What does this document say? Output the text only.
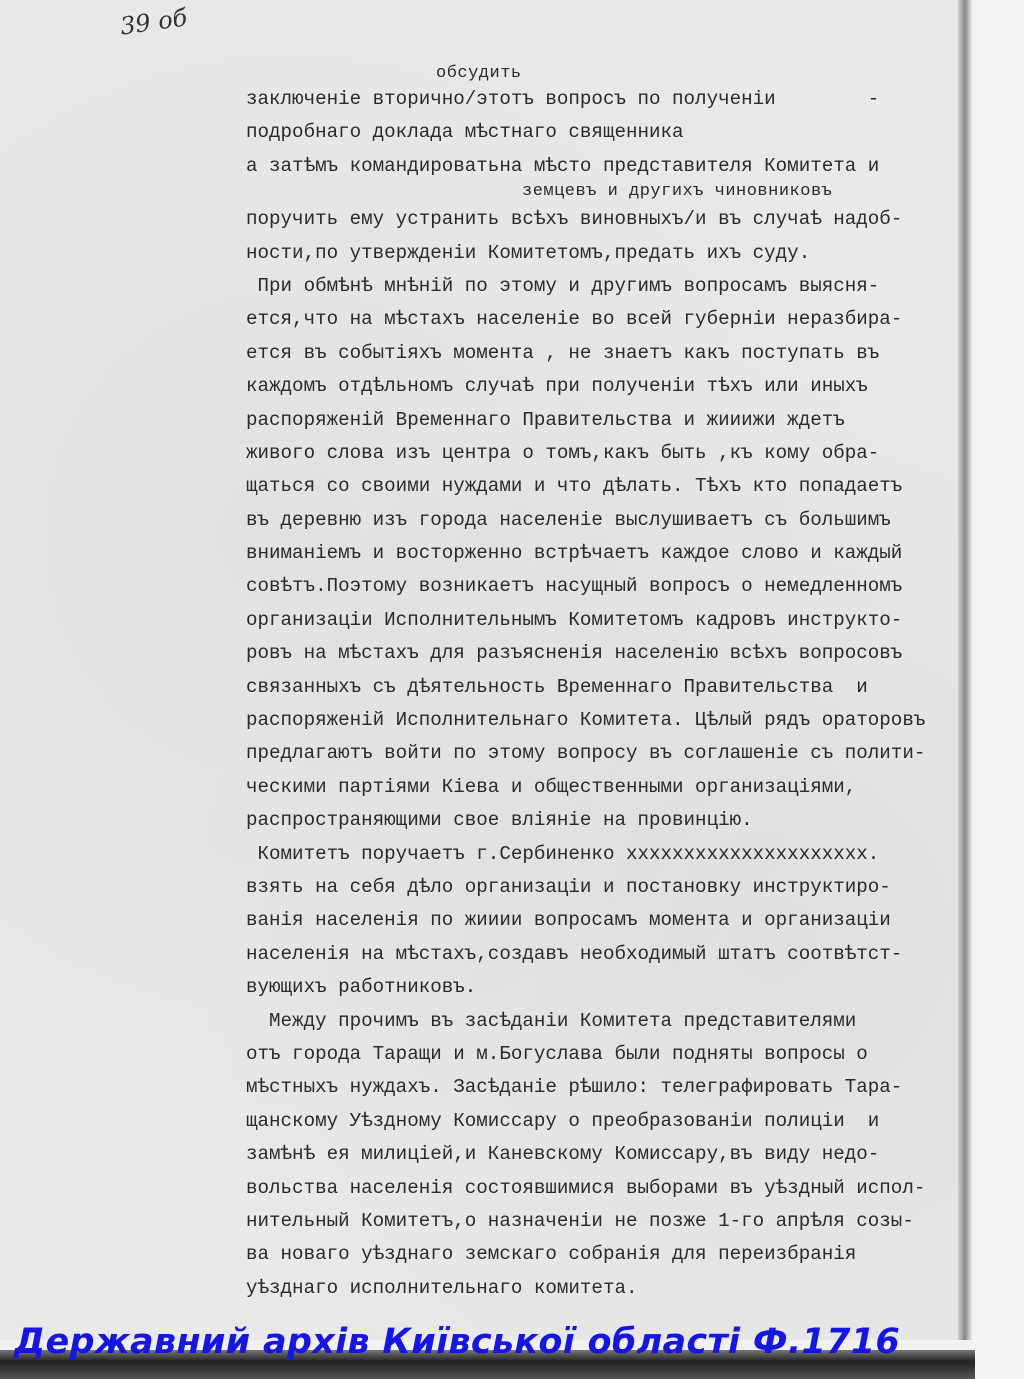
39 об
обсудить
земцевъ и другихъ чиновниковъ
заключеніе вторично/этотъ вопросъ по полученіи        -
подробнаго доклада мѣстнаго священника
а затѣмъ командироватьна мѣсто представителя Комитета и
поручить ему устранить всѣхъ виновныхъ/и въ случаѣ надоб-
ности,по утвержденіи Комитетомъ,предать ихъ суду.
При обмѣнѣ мнѣній по этому и другимъ вопросамъ выясня-
ется,что на мѣстахъ населеніе во всей губерніи неразбира-
ется въ событіяхъ момента , не знаетъ какъ поступать въ
каждомъ отдѣльномъ случаѣ при полученіи тѣхъ или иныхъ
распоряженій Временнаго Правительства и жииижи ждетъ
живого слова изъ центра о томъ,какъ быть ,къ кому обра-
щаться со своими нуждами и что дѣлать. Тѣхъ кто попадаетъ
въ деревню изъ города населеніе выслушиваетъ съ большимъ
вниманіемъ и восторженно встрѣчаетъ каждое слово и каждый
совѣтъ.Поэтому возникаетъ насущный вопросъ о немедленномъ
организаціи Исполнительнымъ Комитетомъ кадровъ инструкто-
ровъ на мѣстахъ для разъясненія населенію всѣхъ вопросовъ
связанныхъ съ дѣятельность Временнаго Правительства  и
распоряженій Исполнительнаго Комитета. Цѣлый рядъ ораторовъ
предлагаютъ войти по этому вопросу въ соглашеніе съ полити-
ческими партіями Кіева и общественными организаціями,
распространяющими свое вліяніе на провинцію.
Комитетъ поручаетъ г.Сербиненко xxxxxxxxxxxxxxxxxxxxx.
взять на себя дѣло организаціи и постановку инструктиро-
ванія населенія по жииии вопросамъ момента и организаціи
населенія на мѣстахъ,создавъ необходимый штатъ соотвѣтст-
вующихъ работниковъ.
Между прочимъ въ засѣданіи Комитета представителями
отъ города Таращи и м.Богуслава были подняты вопросы о
мѣстныхъ нуждахъ. Засѣданіе рѣшило: телеграфировать Тара-
щанскому Уѣздному Комиссару о преобразованіи полиціи  и
замѣнѣ ея милиціей,и Каневскому Комиссару,въ виду недо-
вольства населенія состоявшимися выборами въ уѣздный испол-
нительный Комитетъ,о назначеніи не позже 1-го апрѣля созы-
ва новаго уѣзднаго земскаго собранія для переизбранія
уѣзднаго исполнительнаго комитета.
Державний архів Київської області Ф.1716
